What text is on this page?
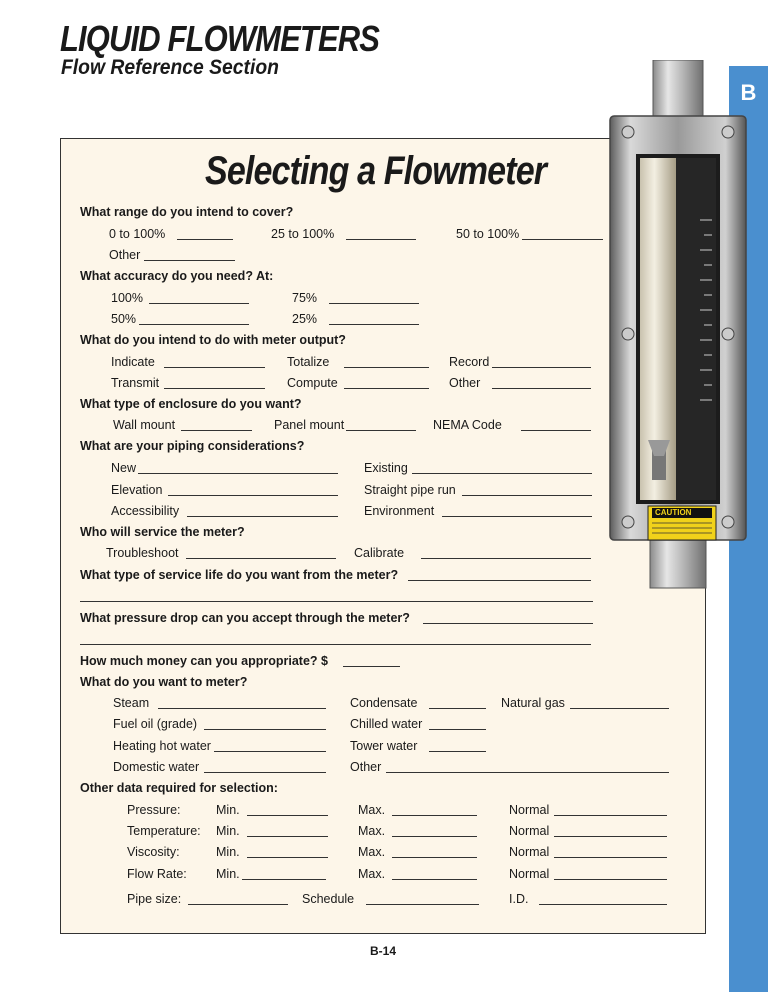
LIQUID FLOWMETERS
Flow Reference Section
B
Selecting a Flowmeter
CAUTION
What range do you intend to cover?
0 to 100%	25 to 100%	50 to 100%
Other
What accuracy do you need? At:
100%	75%
50%	25%
What do you intend to do with meter output?
Indicate	Totalize	Record
Transmit	Compute	Other
What type of enclosure do you want?
Wall mount	Panel mount	NEMA Code
What are your piping considerations?
New	Existing
Elevation	Straight pipe run
Accessibility	Environment
Who will service the meter?
Troubleshoot	Calibrate
What type of service life do you want from the meter?
What pressure drop can you accept through the meter?
How much money can you appropriate? $
What do you want to meter?
Steam	Condensate	Natural gas
Fuel oil (grade)	Chilled water
Heating hot water	Tower water
Domestic water	Other
Other data required for selection:
Pressure:	Min.	Max.	Normal
Temperature: Min.	Max.	Normal
Viscosity:	Min.	Max.	Normal
Flow Rate: Min.	Max.	Normal
Pipe size:	Schedule	I.D.
B-14
